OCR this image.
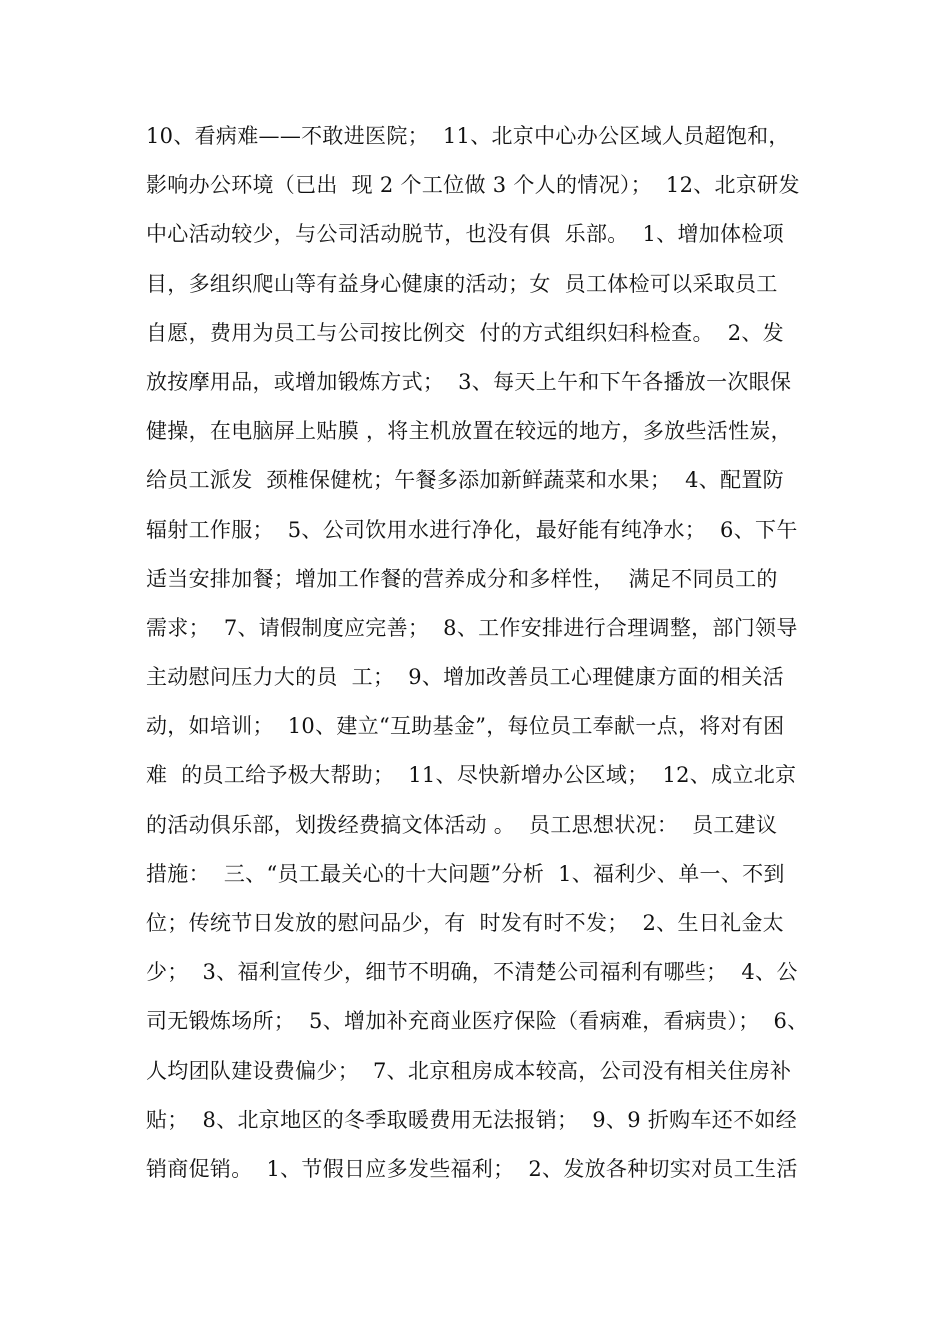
10、看病难——不敢进医院；  11、北京中心办公区域人员超饱和，
影响办公环境（已出  现 2 个工位做 3 个人的情况）；  12、北京研发
中心活动较少，与公司活动脱节，也没有俱  乐部。  1、增加体检项
目，多组织爬山等有益身心健康的活动；女  员工体检可以采取员工
自愿，费用为员工与公司按比例交  付的方式组织妇科检查。  2、发
放按摩用品，或增加锻炼方式；  3、每天上午和下午各播放一次眼保
健操，在电脑屏上贴膜 ，将主机放置在较远的地方，多放些活性炭，
给员工派发  颈椎保健枕；午餐多添加新鲜蔬菜和水果；  4、配置防
辐射工作服；  5、公司饮用水进行净化，最好能有纯净水；  6、下午
适当安排加餐；增加工作餐的营养成分和多样性，  满足不同员工的
需求；  7、请假制度应完善；  8、工作安排进行合理调整，部门领导
主动慰问压力大的员  工；  9、增加改善员工心理健康方面的相关活
动，如培训；  10、建立“互助基金”，每位员工奉献一点，将对有困
难  的员工给予极大帮助；  11、尽快新增办公区域；  12、成立北京
的活动俱乐部，划拨经费搞文体活动 。  员工思想状况：  员工建议
措施：  三、“员工最关心的十大问题”分析  1、福利少、单一、不到
位；传统节日发放的慰问品少，有  时发有时不发；  2、生日礼金太
少；  3、福利宣传少，细节不明确，不清楚公司福利有哪些；  4、公
司无锻炼场所；  5、增加补充商业医疗保险（看病难，看病贵）；  6、
人均团队建设费偏少；  7、北京租房成本较高，公司没有相关住房补
贴；  8、北京地区的冬季取暖费用无法报销；  9、9 折购车还不如经
销商促销。  1、节假日应多发些福利；  2、发放各种切实对员工生活
